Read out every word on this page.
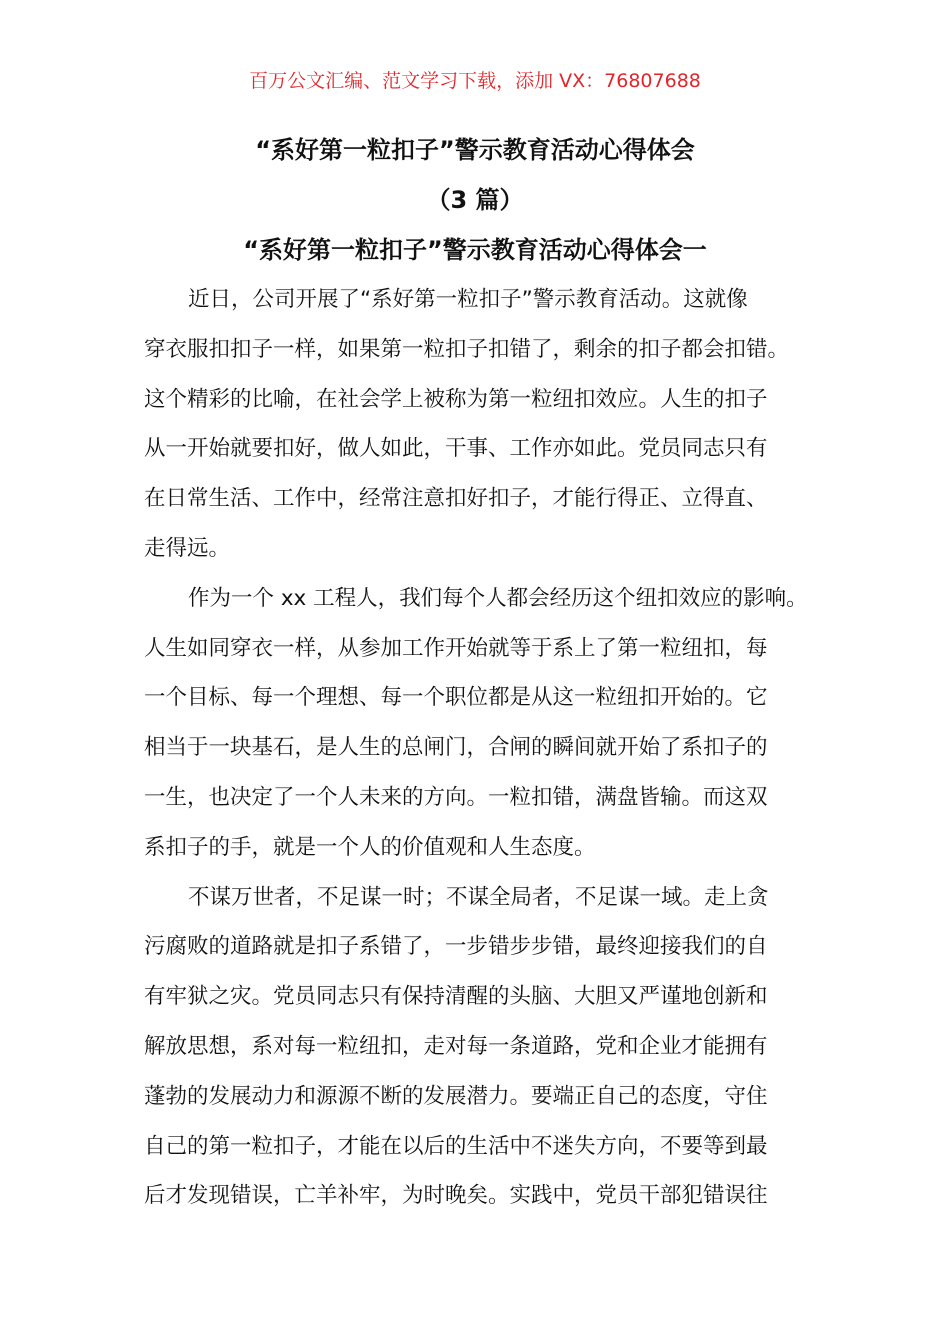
百万公文汇编、范文学习下载，添加 VX：76807688
“系好第一粒扣子”警示教育活动心得体会
（3 篇）
“系好第一粒扣子”警示教育活动心得体会一
近日，公司开展了“系好第一粒扣子”警示教育活动。这就像
穿衣服扣扣子一样，如果第一粒扣子扣错了，剩余的扣子都会扣错。
这个精彩的比喻，在社会学上被称为第一粒纽扣效应。人生的扣子
从一开始就要扣好，做人如此，干事、工作亦如此。党员同志只有
在日常生活、工作中，经常注意扣好扣子，才能行得正、立得直、
走得远。
作为一个 xx 工程人，我们每个人都会经历这个纽扣效应的影响。
人生如同穿衣一样，从参加工作开始就等于系上了第一粒纽扣，每
一个目标、每一个理想、每一个职位都是从这一粒纽扣开始的。它
相当于一块基石，是人生的总闸门，合闸的瞬间就开始了系扣子的
一生，也决定了一个人未来的方向。一粒扣错，满盘皆输。而这双
系扣子的手，就是一个人的价值观和人生态度。
不谋万世者，不足谋一时；不谋全局者，不足谋一域。走上贪
污腐败的道路就是扣子系错了，一步错步步错，最终迎接我们的自
有牢狱之灾。党员同志只有保持清醒的头脑、大胆又严谨地创新和
解放思想，系对每一粒纽扣，走对每一条道路，党和企业才能拥有
蓬勃的发展动力和源源不断的发展潜力。要端正自己的态度，守住
自己的第一粒扣子，才能在以后的生活中不迷失方向，不要等到最
后才发现错误，亡羊补牢，为时晚矣。实践中，党员干部犯错误往
